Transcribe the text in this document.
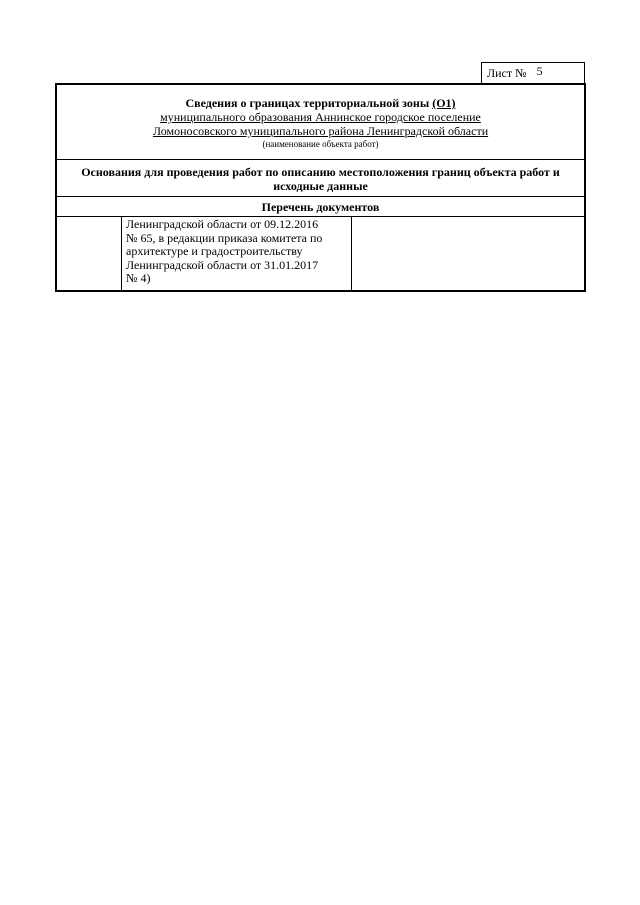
Лист № 5
Сведения о границах территориальной зоны (О1)
муниципального образования Аннинское городское поселение
Ломоносовского муниципального района Ленинградской области
(наименование объекта работ)
Основания для проведения работ по описанию местоположения границ объекта работ и
исходные данные
Перечень документов
Ленинградской области от 09.12.2016
№ 65, в редакции приказа комитета по
архитектуре и градостроительству
Ленинградской области от 31.01.2017
№ 4)
